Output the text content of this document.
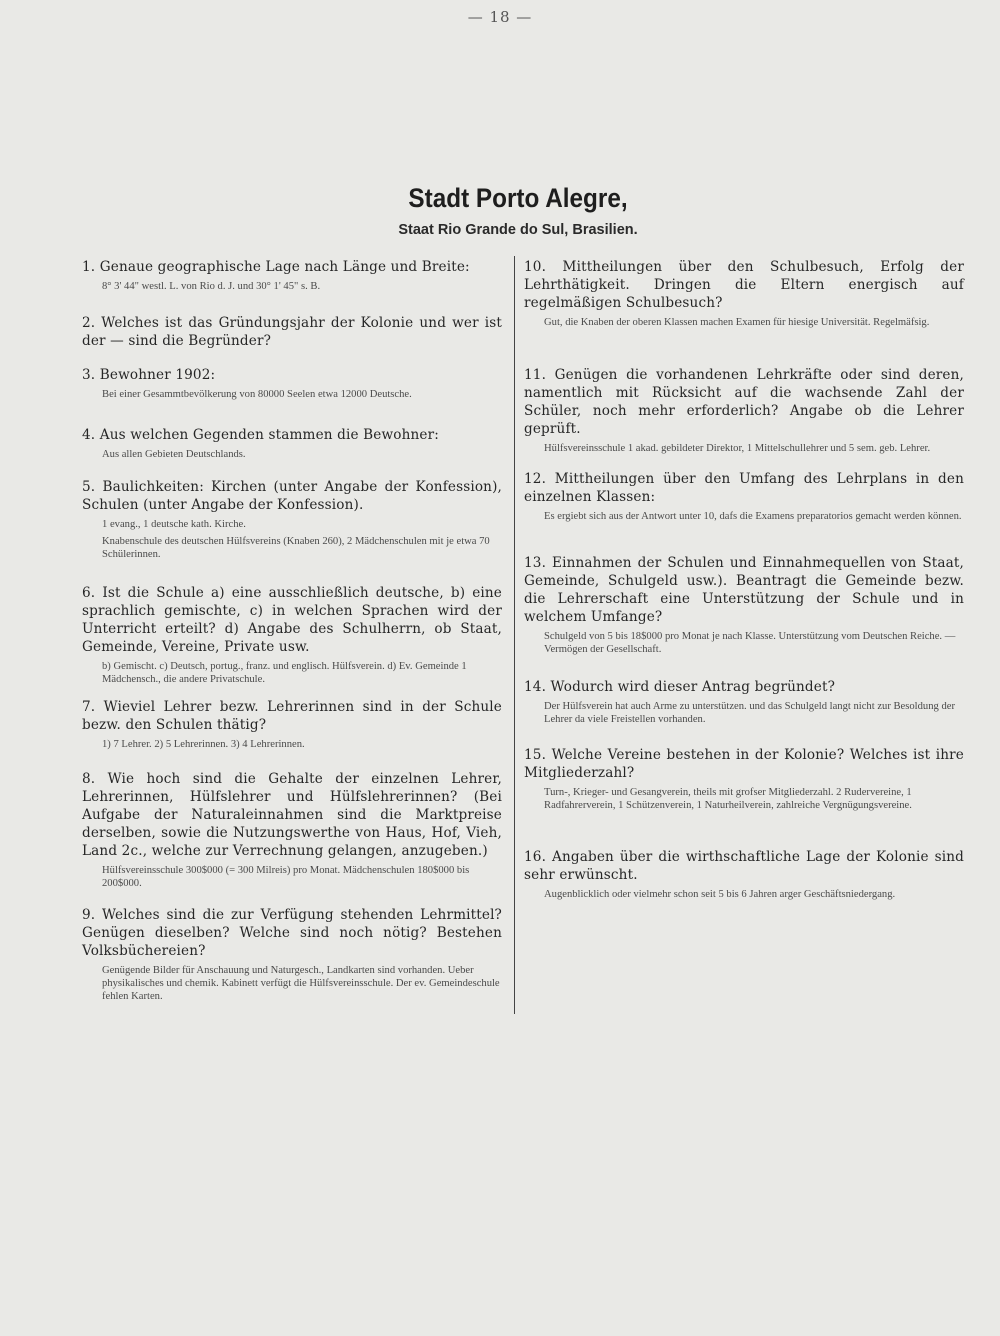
— 18 —
Stadt Porto Alegre,
Staat Rio Grande do Sul, Brasilien.
1. Genaue geographische Lage nach Länge und Breite:
8° 3' 44" westl. L. von Rio d. J. und 30° 1' 45" s. B.
2. Welches ist das Gründungsjahr der Kolonie und wer ist der — sind die Begründer?
3. Bewohner 1902:
Bei einer Gesammtbevölkerung von 80000 Seelen etwa 12000 Deutsche.
4. Aus welchen Gegenden stammen die Bewohner:
Aus allen Gebieten Deutschlands.
5. Baulichkeiten: Kirchen (unter Angabe der Konfession), Schulen (unter Angabe der Konfession).
1 evang., 1 deutsche kath. Kirche.
Knabenschule des deutschen Hülfsvereins (Knaben 260), 2 Mädchenschulen mit je etwa 70 Schülerinnen.
6. Ist die Schule a) eine ausschließlich deutsche, b) eine sprachlich gemischte, c) in welchen Sprachen wird der Unterricht erteilt? d) Angabe des Schulherrn, ob Staat, Gemeinde, Vereine, Private usw.
b) Gemischt. c) Deutsch, portug., franz. und englisch. Hülfsverein. d) Ev. Gemeinde 1 Mädchensch., die andere Privatschule.
7. Wieviel Lehrer bezw. Lehrerinnen sind in der Schule bezw. den Schulen thätig?
1) 7 Lehrer. 2) 5 Lehrerinnen. 3) 4 Lehrerinnen.
8. Wie hoch sind die Gehalte der einzelnen Lehrer, Lehrerinnen, Hülfslehrer und Hülfslehrerinnen? (Bei Aufgabe der Naturaleinnahmen sind die Marktpreise derselben, sowie die Nutzungswerthe von Haus, Hof, Vieh, Land 2c., welche zur Verrechnung gelangen, anzugeben.)
Hülfsvereinsschule 300$000 (= 300 Milreis) pro Monat. Mädchenschulen 180$000 bis 200$000.
9. Welches sind die zur Verfügung stehenden Lehrmittel? Genügen dieselben? Welche sind noch nötig? Bestehen Volksbüchereien?
Genügende Bilder für Anschauung und Naturgesch., Landkarten sind vorhanden. Ueber physikalisches und chemik. Kabinett verfügt die Hülfsvereinsschule. Der ev. Gemeindeschule fehlen Karten.
10. Mittheilungen über den Schulbesuch, Erfolg der Lehrthätigkeit. Dringen die Eltern energisch auf regelmäßigen Schulbesuch?
Gut, die Knaben der oberen Klassen machen Examen für hiesige Universität. Regelmäfsig.
11. Genügen die vorhandenen Lehrkräfte oder sind deren, namentlich mit Rücksicht auf die wachsende Zahl der Schüler, noch mehr erforderlich? Angabe ob die Lehrer geprüft.
Hülfsvereinsschule 1 akad. gebildeter Direktor, 1 Mittelschullehrer und 5 sem. geb. Lehrer.
12. Mittheilungen über den Umfang des Lehrplans in den einzelnen Klassen:
Es ergiebt sich aus der Antwort unter 10, dafs die Examens preparatorios gemacht werden können.
13. Einnahmen der Schulen und Einnahmequellen von Staat, Gemeinde, Schulgeld usw.). Beantragt die Gemeinde bezw. die Lehrerschaft eine Unterstützung der Schule und in welchem Umfange?
Schulgeld von 5 bis 18$000 pro Monat je nach Klasse. Unterstützung vom Deutschen Reiche. — Vermögen der Gesellschaft.
14. Wodurch wird dieser Antrag begründet?
Der Hülfsverein hat auch Arme zu unterstützen. und das Schulgeld langt nicht zur Besoldung der Lehrer da viele Freistellen vorhanden.
15. Welche Vereine bestehen in der Kolonie? Welches ist ihre Mitgliederzahl?
Turn-, Krieger- und Gesangverein, theils mit grofser Mitgliederzahl. 2 Rudervereine, 1 Radfahrerverein, 1 Schützenverein, 1 Naturheilverein, zahlreiche Vergnügungsvereine.
16. Angaben über die wirthschaftliche Lage der Kolonie sind sehr erwünscht.
Augenblicklich oder vielmehr schon seit 5 bis 6 Jahren arger Geschäftsniedergang.
